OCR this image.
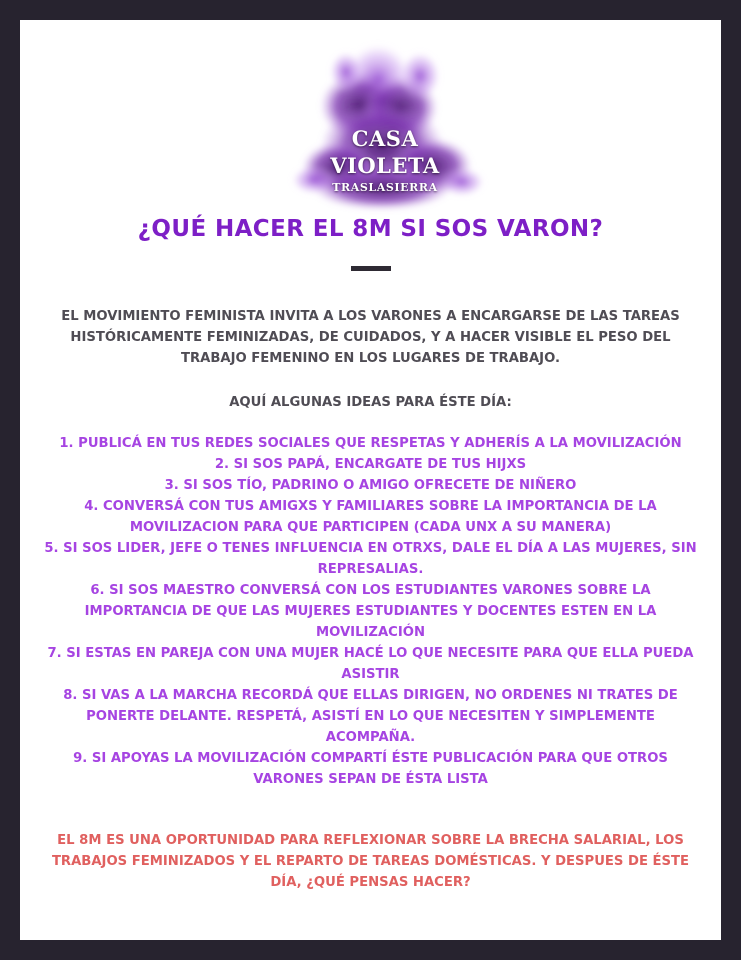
CASA
VIOLETA
TRASLASIERRA
¿QUÉ HACER EL 8M SI SOS VARON?

EL MOVIMIENTO FEMINISTA INVITA A LOS VARONES A ENCARGARSE DE LAS TAREAS HISTÓRICAMENTE FEMINIZADAS, DE CUIDADOS, Y A HACER VISIBLE EL PESO DEL TRABAJO FEMENINO EN LOS LUGARES DE TRABAJO.

AQUÍ ALGUNAS IDEAS PARA ÉSTE DÍA:

1. PUBLICÁ EN TUS REDES SOCIALES QUE RESPETAS Y ADHERÍS A LA MOVILIZACIÓN
2. SI SOS PAPÁ, ENCARGATE DE TUS HIJXS
3. SI SOS TÍO, PADRINO O AMIGO OFRECETE DE NIÑERO
4. CONVERSÁ CON TUS AMIGXS Y FAMILIARES SOBRE LA IMPORTANCIA DE LA MOVILIZACION PARA QUE PARTICIPEN (CADA UNX A SU MANERA)
5. SI SOS LIDER, JEFE O TENES INFLUENCIA EN OTRXS, DALE EL DÍA A LAS MUJERES, SIN REPRESALIAS.
6. SI SOS MAESTRO CONVERSÁ CON LOS ESTUDIANTES VARONES SOBRE LA IMPORTANCIA DE QUE LAS MUJERES ESTUDIANTES Y DOCENTES ESTEN EN LA MOVILIZACIÓN
7. SI ESTAS EN PAREJA CON UNA MUJER HACÉ LO QUE NECESITE PARA QUE ELLA PUEDA ASISTIR
8. SI VAS A LA MARCHA RECORDÁ QUE ELLAS DIRIGEN, NO ORDENES NI TRATES DE PONERTE DELANTE. RESPETÁ, ASISTÍ EN LO QUE NECESITEN Y SIMPLEMENTE ACOMPAÑA.
9. SI APOYAS LA MOVILIZACIÓN COMPARTÍ ÉSTE PUBLICACIÓN PARA QUE OTROS VARONES SEPAN DE ÉSTA LISTA

EL 8M ES UNA OPORTUNIDAD PARA REFLEXIONAR SOBRE LA BRECHA SALARIAL, LOS TRABAJOS FEMINIZADOS Y EL REPARTO DE TAREAS DOMÉSTICAS. Y DESPUES DE ÉSTE DÍA, ¿QUÉ PENSAS HACER?
